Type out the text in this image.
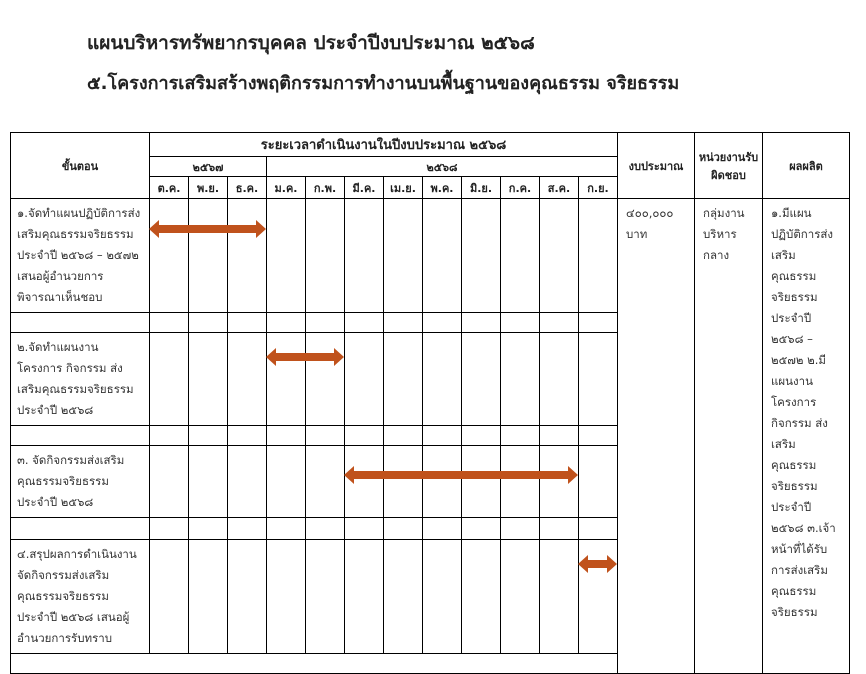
แผนบริหารทรัพยากรบุคคล ประจำปีงบประมาณ ๒๕๖๘
๕.โครงการเสริมสร้างพฤติกรรมการทำงานบนพื้นฐานของคุณธรรม จริยธรรม
ขั้นตอน	ระยะเวลาดำเนินงานในปีงบประมาณ ๒๕๖๘												งบประมาณ	หน่วยงานรับผิดชอบ	ผลผลิต
	๒๕๖๗			๒๕๖๘											
	ต.ค.	พ.ย.	ธ.ค.	ม.ค.	ก.พ.	มี.ค.	เม.ย.	พ.ค.	มิ.ย.	ก.ค.	ส.ค.	ก.ย.			
๑.จัดทำแผนปฏิบัติการส่งเสริมคุณธรรมจริยธรรม ประจำปี ๒๕๖๘ – ๒๕๗๒ เสนอผู้อำนวยการพิจารณาเห็นชอบ													๔๐๐,๐๐๐ บาท	กลุ่มงานบริหารกลาง	๑.มีแผนปฏิบัติการส่งเสริมคุณธรรมจริยธรรม ประจำปี ๒๕๖๘ – ๒๕๗๒ ๒.มีแผนงาน โครงการ กิจกรรม ส่งเสริมคุณธรรมจริยธรรม ประจำปี ๒๕๖๘ ๓.เจ้าหน้าที่ได้รับการส่งเสริมคุณธรรมจริยธรรม

๒.จัดทำแผนงาน โครงการ กิจกรรม ส่งเสริมคุณธรรมจริยธรรม ประจำปี ๒๕๖๘															

๓. จัดกิจกรรมส่งเสริมคุณธรรมจริยธรรม ประจำปี ๒๕๖๘															

๔.สรุปผลการดำเนินงาน จัดกิจกรรมส่งเสริมคุณธรรมจริยธรรม ประจำปี ๒๕๖๘ เสนอผู้อำนวยการรับทราบ															
